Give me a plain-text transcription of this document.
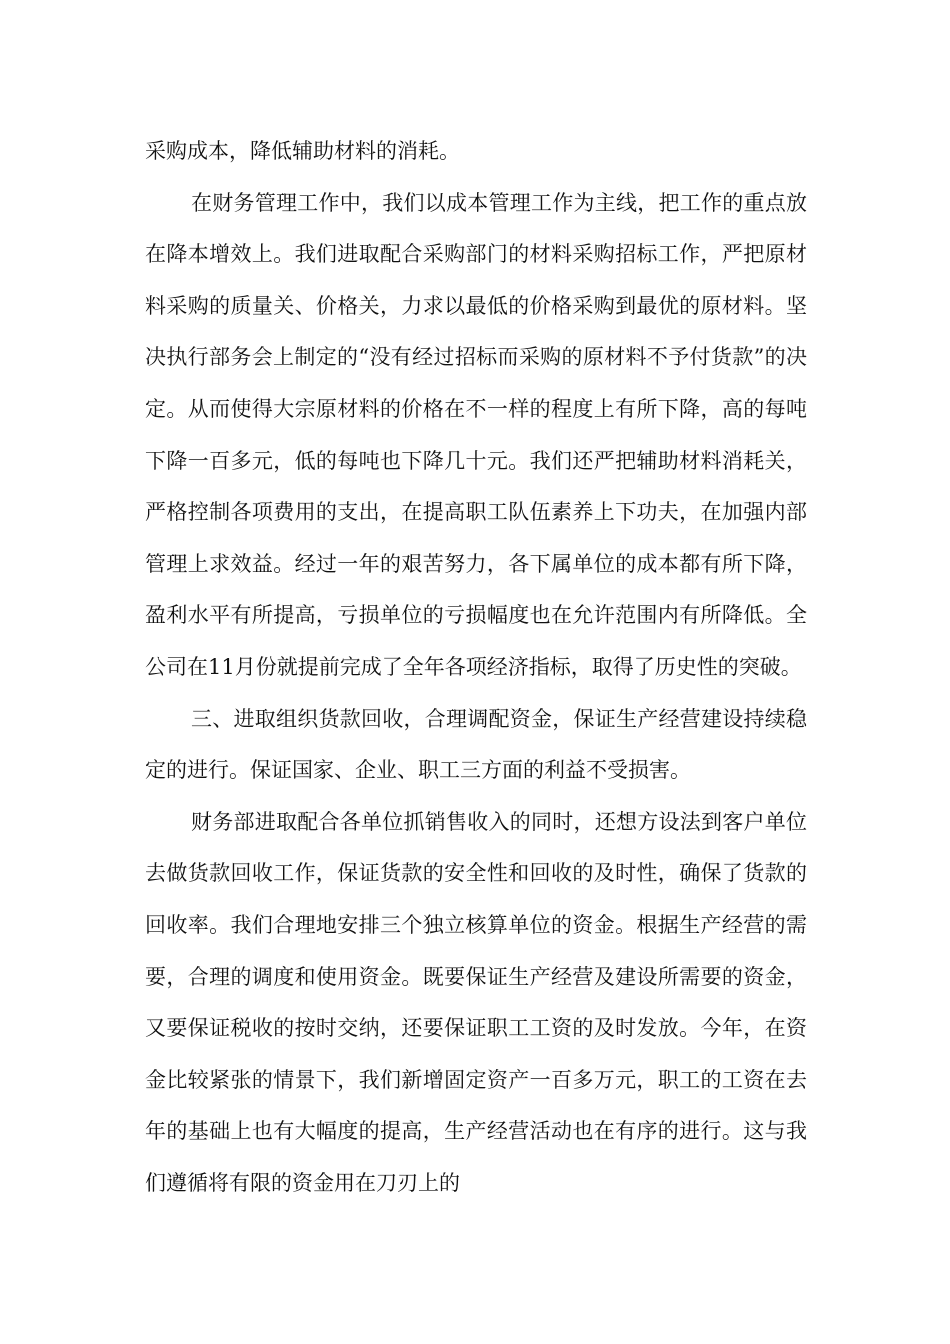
采购成本，降低辅助材料的消耗。

在财务管理工作中，我们以成本管理工作为主线，把工作的重点放在降本增效上。我们进取配合采购部门的材料采购招标工作，严把原材料采购的质量关、价格关，力求以最低的价格采购到最优的原材料。坚决执行部务会上制定的“没有经过招标而采购的原材料不予付货款”的决定。从而使得大宗原材料的价格在不一样的程度上有所下降，高的每吨下降一百多元，低的每吨也下降几十元。我们还严把辅助材料消耗关，严格控制各项费用的支出，在提高职工队伍素养上下功夫，在加强内部管理上求效益。经过一年的艰苦努力，各下属单位的成本都有所下降，盈利水平有所提高，亏损单位的亏损幅度也在允许范围内有所降低。全公司在11月份就提前完成了全年各项经济指标，取得了历史性的突破。

三、进取组织货款回收，合理调配资金，保证生产经营建设持续稳定的进行。保证国家、企业、职工三方面的利益不受损害。

财务部进取配合各单位抓销售收入的同时，还想方设法到客户单位去做货款回收工作，保证货款的安全性和回收的及时性，确保了货款的回收率。我们合理地安排三个独立核算单位的资金。根据生产经营的需要，合理的调度和使用资金。既要保证生产经营及建设所需要的资金，又要保证税收的按时交纳，还要保证职工工资的及时发放。今年，在资金比较紧张的情景下，我们新增固定资产一百多万元，职工的工资在去年的基础上也有大幅度的提高，生产经营活动也在有序的进行。这与我们遵循将有限的资金用在刀刃上的
